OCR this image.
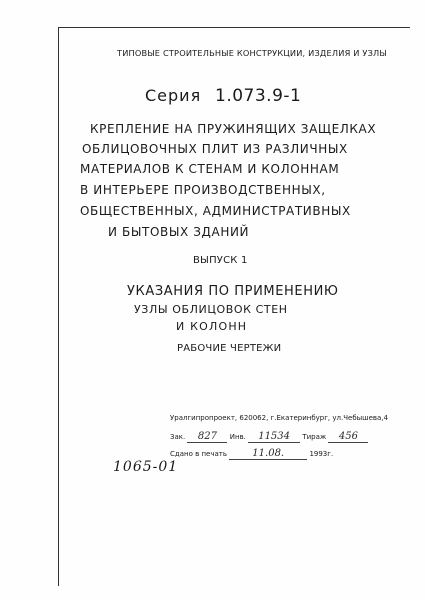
ТИПОВЫЕ СТРОИТЕЛЬНЫЕ КОНСТРУКЦИИ, ИЗДЕЛИЯ И УЗЛЫ
Серия 1.073.9-1
КРЕПЛЕНИЕ НА ПРУЖИНЯЩИХ ЗАЩЕЛКАХ
ОБЛИЦОВОЧНЫХ ПЛИТ ИЗ РАЗЛИЧНЫХ
МАТЕРИАЛОВ К СТЕНАМ И КОЛОННАМ
В ИНТЕРЬЕРЕ ПРОИЗВОДСТВЕННЫХ,
ОБЩЕСТВЕННЫХ, АДМИНИСТРАТИВНЫХ
И БЫТОВЫХ ЗДАНИЙ
ВЫПУСК 1
УКАЗАНИЯ ПО ПРИМЕНЕНИЮ
УЗЛЫ ОБЛИЦОВОК СТЕН
И КОЛОНН
РАБОЧИЕ ЧЕРТЕЖИ
Уралгипропроект, 620062, г.Екатеринбург, ул.Чебышева,4
Зак. 827 Инв. 11534 Тираж 456
Сдано в печать	11.08.	1993г.
1065-01
